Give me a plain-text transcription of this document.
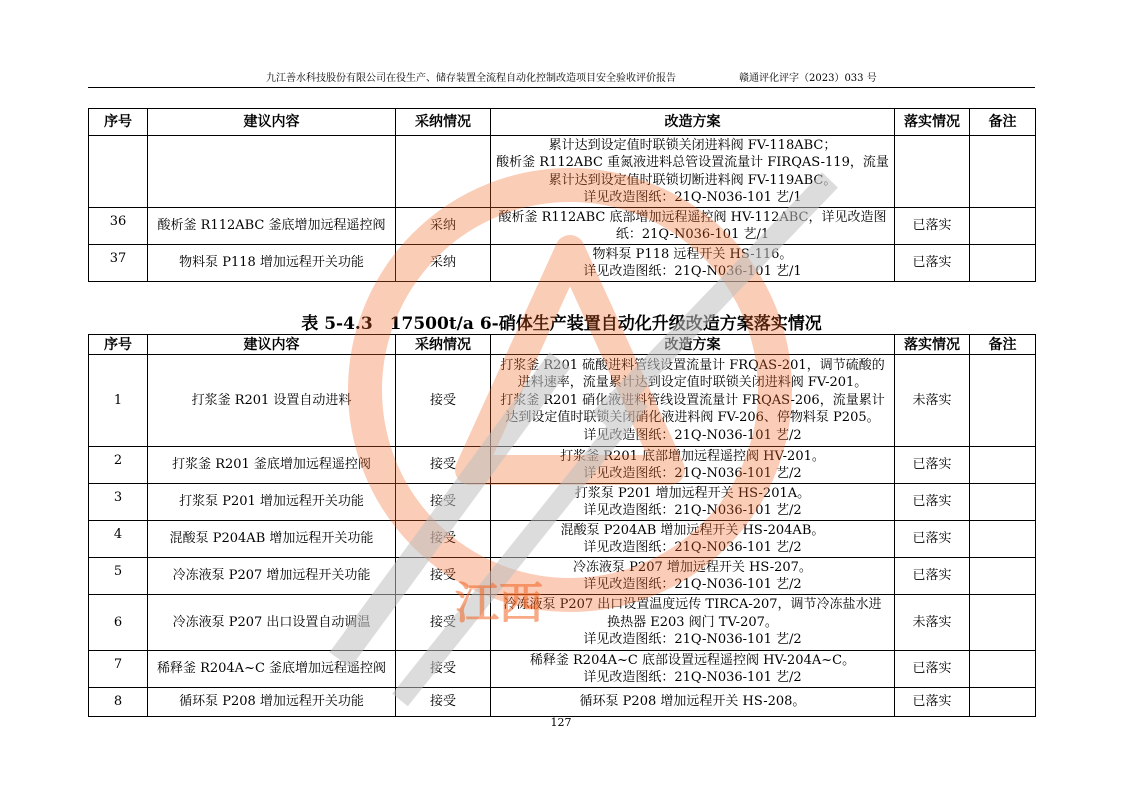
九江善水科技股份有限公司在役生产、储存装置全流程自动化控制改造项目安全验收评价报告	赣通评化评字（2023）033 号
序号	建议内容	采纳情况	改造方案	落实情况	备注

			累计达到设定值时联锁关闭进料阀 FV-118ABC；
酸析釜 R112ABC 重氮液进料总管设置流量计 FIRQAS-119，流量
累计达到设定值时联锁切断进料阀 FV-119ABC。
详见改造图纸：21Q-N036-101 艺/1		

36	酸析釜 R112ABC 釜底增加远程遥控阀	采纳	酸析釜 R112ABC 底部增加远程遥控阀 HV-112ABC，详见改造图
纸：21Q-N036-101 艺/1	已落实	
37	物料泵 P118 增加远程开关功能	采纳	物料泵 P118 远程开关 HS-116。
详见改造图纸：21Q-N036-101 艺/1	已落实	
表 5-4.3　17500t/a 6-硝体生产装置自动化升级改造方案落实情况
序号	建议内容	采纳情况	改造方案	落实情况	备注
1	打浆釜 R201 设置自动进料	接受	打浆釜 R201 硫酸进料管线设置流量计 FRQAS-201，调节硫酸的
进料速率，流量累计达到设定值时联锁关闭进料阀 FV-201。
打浆釜 R201 硝化液进料管线设置流量计 FRQAS-206，流量累计
达到设定值时联锁关闭硝化液进料阀 FV-206、停物料泵 P205。
详见改造图纸：21Q-N036-101 艺/2	未落实	
2	打浆釜 R201 釜底增加远程遥控阀	接受	打浆釜 R201 底部增加远程遥控阀 HV-201。
详见改造图纸：21Q-N036-101 艺/2	已落实	
3	打浆泵 P201 增加远程开关功能	接受	打浆泵 P201 增加远程开关 HS-201A。
详见改造图纸：21Q-N036-101 艺/2	已落实	
4	混酸泵 P204AB 增加远程开关功能	接受	混酸泵 P204AB 增加远程开关 HS-204AB。
详见改造图纸：21Q-N036-101 艺/2	已落实	
5	冷冻液泵 P207 增加远程开关功能	接受	冷冻液泵 P207 增加远程开关 HS-207。
详见改造图纸：21Q-N036-101 艺/2	已落实	
6	冷冻液泵 P207 出口设置自动调温	接受	冷冻液泵 P207 出口设置温度远传 TIRCA-207，调节冷冻盐水进
换热器 E203 阀门 TV-207。
详见改造图纸：21Q-N036-101 艺/2	未落实	
7	稀释釜 R204A~C 釜底增加远程遥控阀	接受	稀释釜 R204A~C 底部设置远程遥控阀 HV-204A~C。
详见改造图纸：21Q-N036-101 艺/2	已落实	
8	循环泵 P208 增加远程开关功能	接受	循环泵 P208 增加远程开关 HS-208。	已落实	
127
江西
